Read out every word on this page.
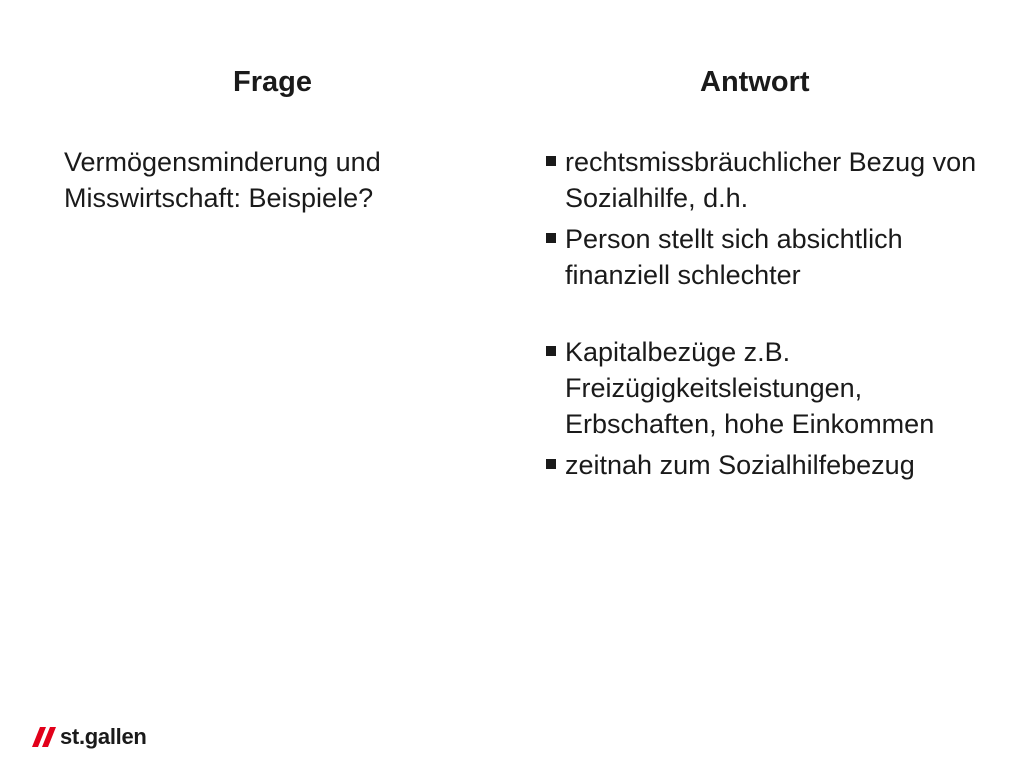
Frage	Antwort

Vermögensminderung und Misswirtschaft: Beispiele?

rechtsmissbräuchlicher Bezug von Sozialhilfe, d.h.
Person stellt sich absichtlich finanziell schlechter
Kapitalbezüge z.B. Freizügigkeitsleistungen, Erbschaften, hohe Einkommen
zeitnah zum Sozialhilfebezug
st.gallen
